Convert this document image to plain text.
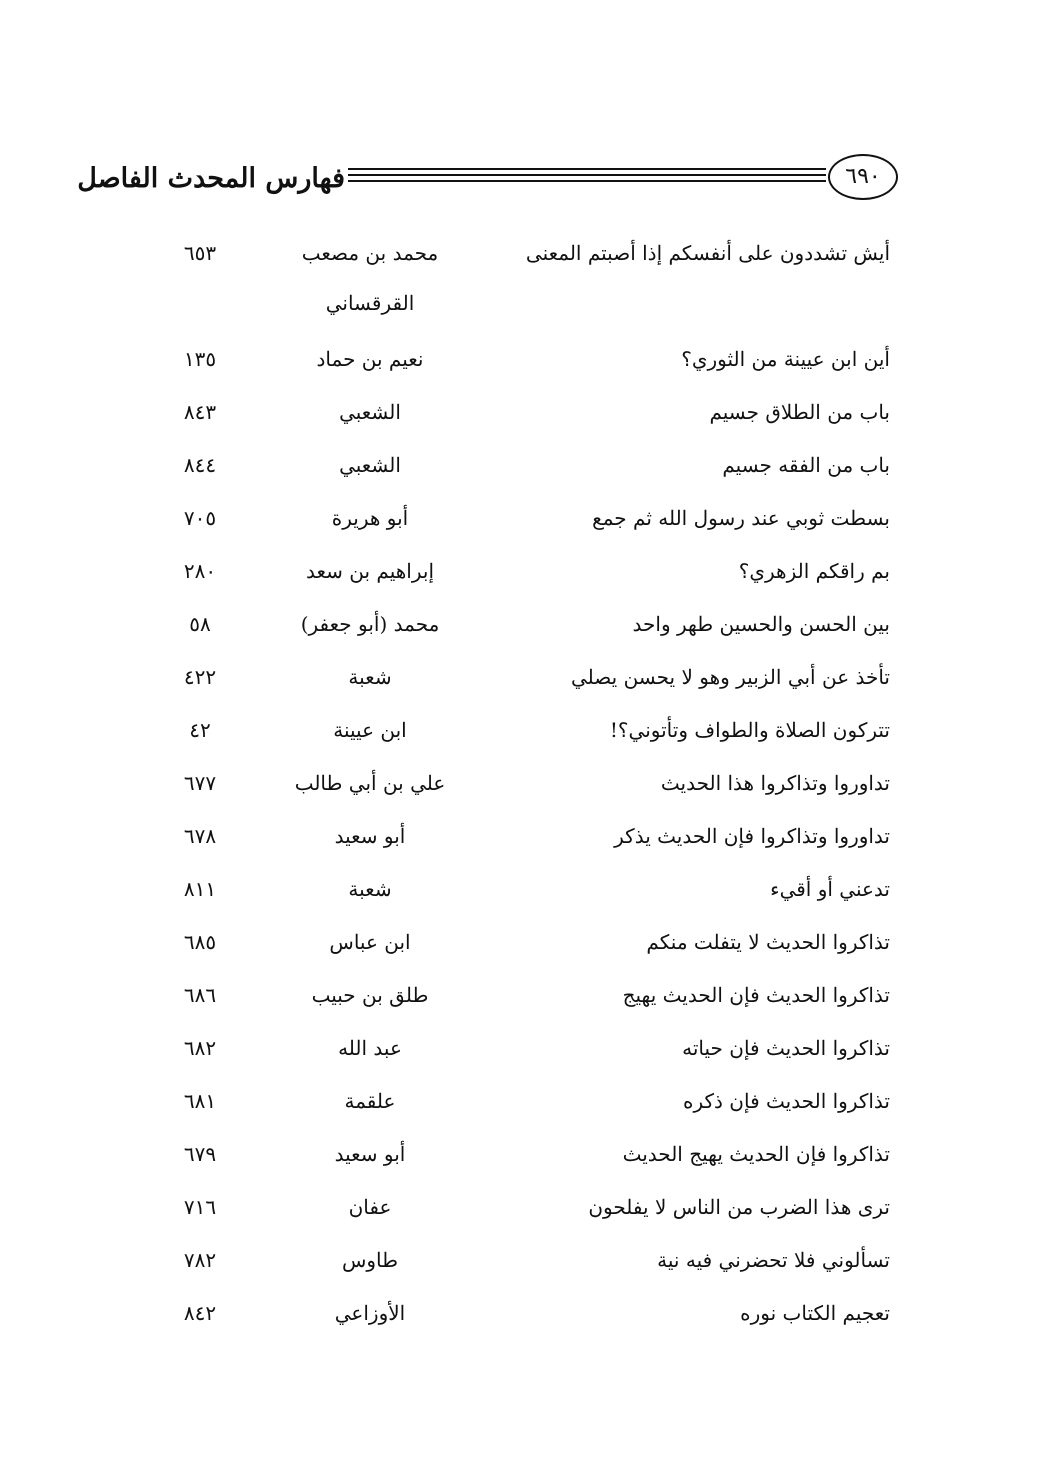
٦٩٠
فهارس المحدث الفاصل
أيش تشددون على أنفسكم إذا أصبتم المعنى
محمد بن مصعب
القرقساني
٦٥٣
أين ابن عيينة من الثوري؟
نعيم بن حماد
١٣٥
باب من الطلاق جسيم
الشعبي
٨٤٣
باب من الفقه جسيم
الشعبي
٨٤٤
بسطت ثوبي عند رسول الله ثم جمع
أبو هريرة
٧٠٥
بم راقكم الزهري؟
إبراهيم بن سعد
٢٨٠
بين الحسن والحسين طهر واحد
محمد (أبو جعفر)
٥٨
تأخذ عن أبي الزبير وهو لا يحسن يصلي
شعبة
٤٢٢
تتركون الصلاة والطواف وتأتوني؟!
ابن عيينة
٤٢
تداوروا وتذاكروا هذا الحديث
علي بن أبي طالب
٦٧٧
تداوروا وتذاكروا فإن الحديث يذكر
أبو سعيد
٦٧٨
تدعني أو أقيء
شعبة
٨١١
تذاكروا الحديث لا يتفلت منكم
ابن عباس
٦٨٥
تذاكروا الحديث فإن الحديث يهيج
طلق بن حبيب
٦٨٦
تذاكروا الحديث فإن حياته
عبد الله
٦٨٢
تذاكروا الحديث فإن ذكره
علقمة
٦٨١
تذاكروا فإن الحديث يهيج الحديث
أبو سعيد
٦٧٩
ترى هذا الضرب من الناس لا يفلحون
عفان
٧١٦
تسألوني فلا تحضرني فيه نية
طاوس
٧٨٢
تعجيم الكتاب نوره
الأوزاعي
٨٤٢
